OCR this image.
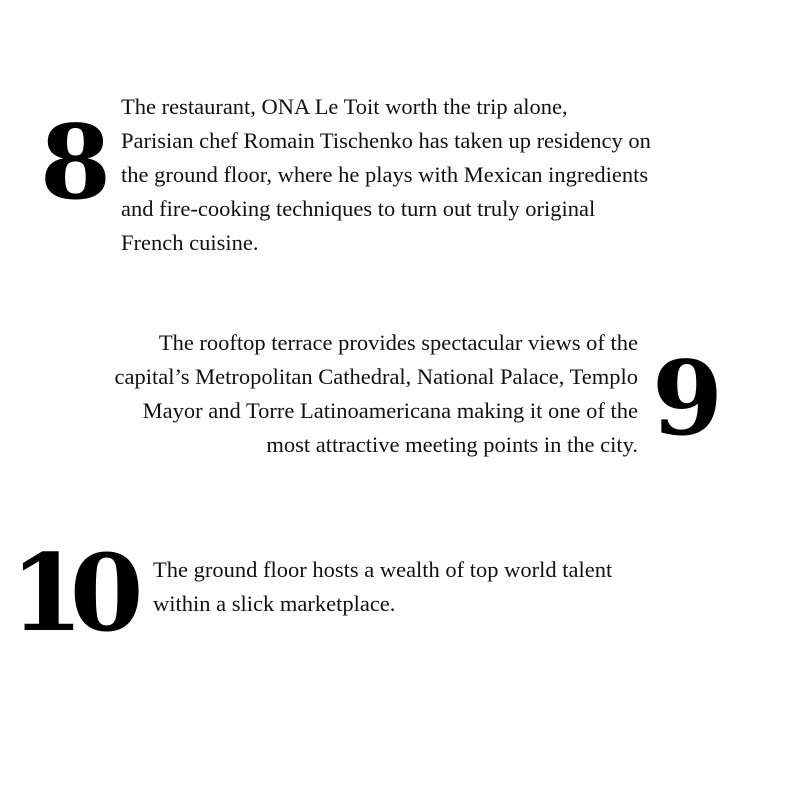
8 The restaurant, ONA Le Toit worth the trip alone,
Parisian chef Romain Tischenko has taken up residency on
the ground floor, where he plays with Mexican ingredients
and fire-cooking techniques to turn out truly original
French cuisine.

The rooftop terrace provides spectacular views of the
capital’s Metropolitan Cathedral, National Palace, Templo
Mayor and Torre Latinoamericana making it one of the
most attractive meeting points in the city. 9
10 The ground floor hosts a wealth of top world talent
within a slick marketplace.
